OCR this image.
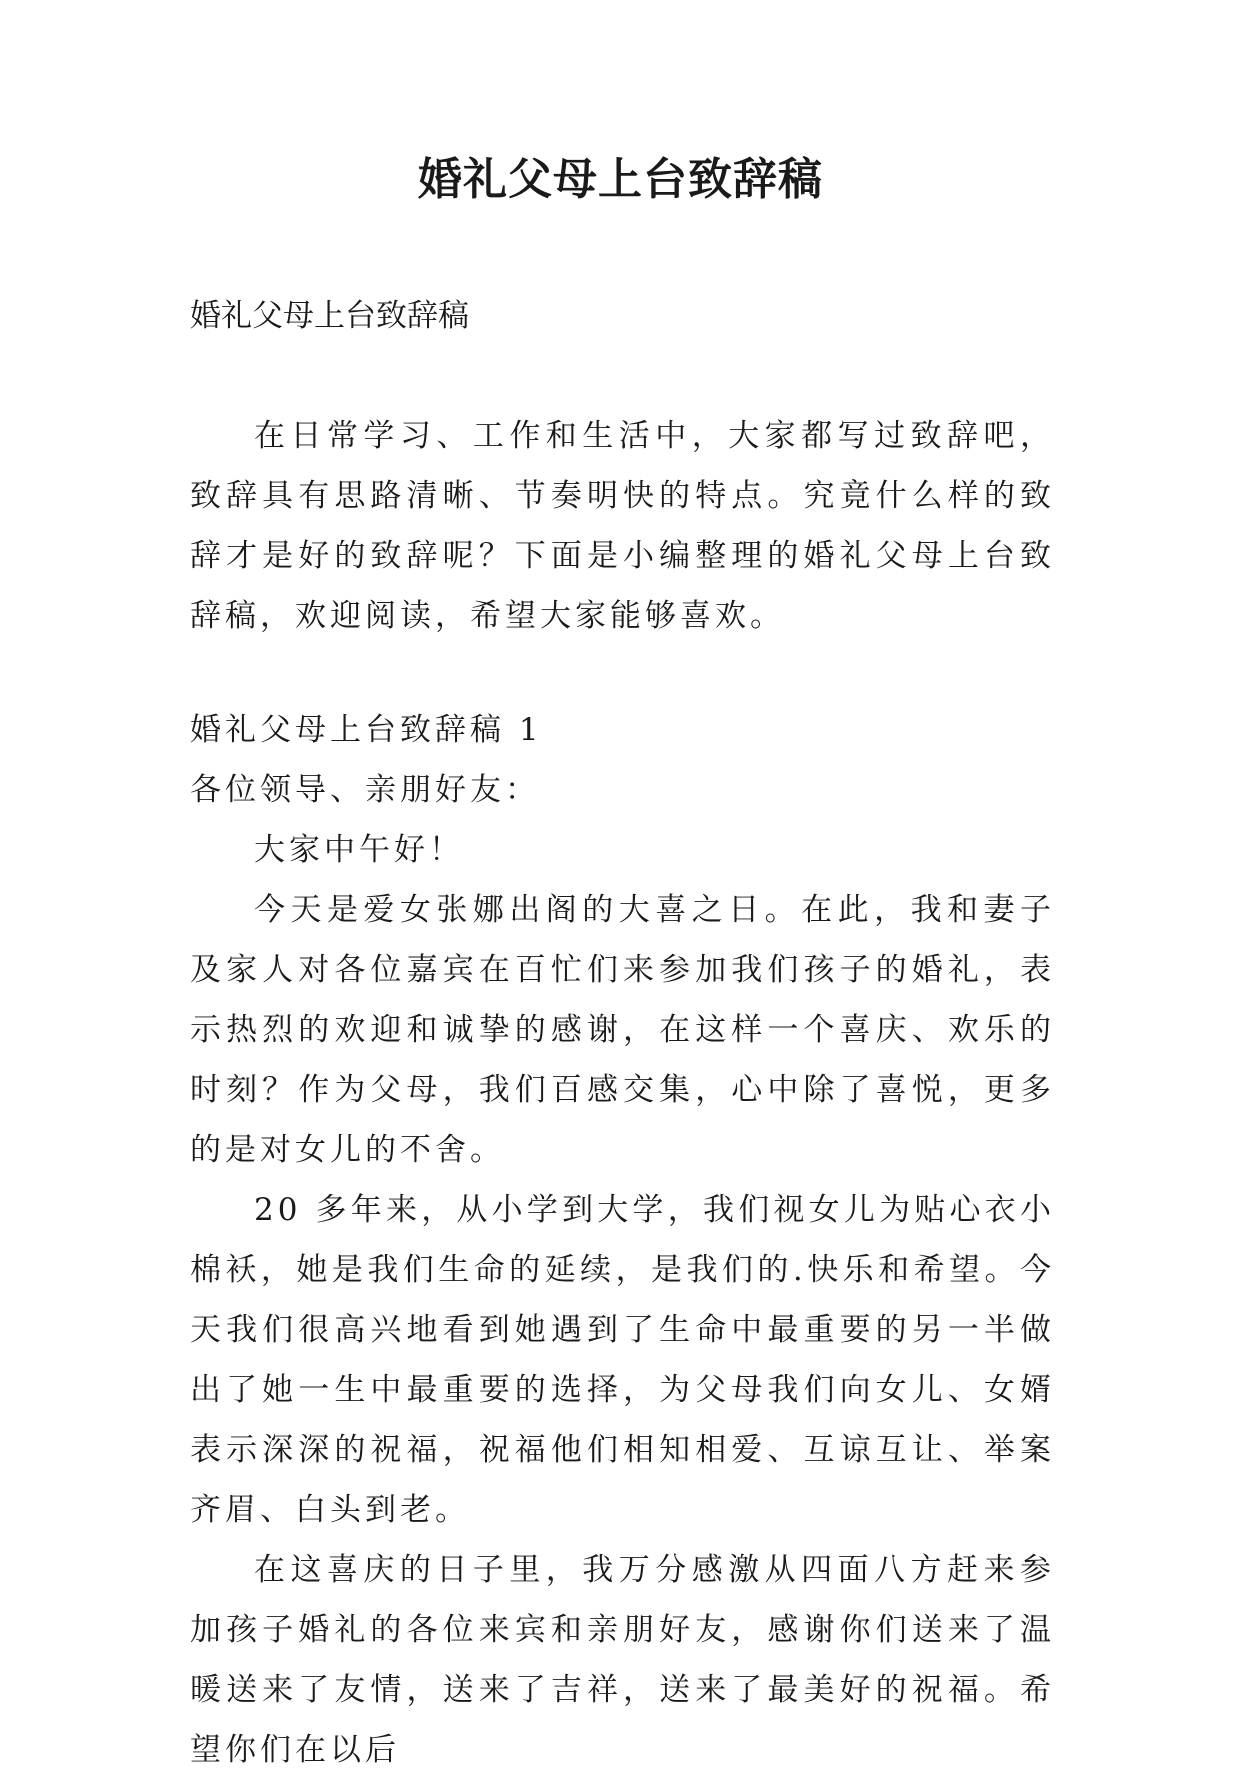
婚礼父母上台致辞稿

婚礼父母上台致辞稿

在日常学习、工作和生活中，大家都写过致辞吧，致辞具有思路清晰、节奏明快的特点。究竟什么样的致辞才是好的致辞呢？下面是小编整理的婚礼父母上台致辞稿，欢迎阅读，希望大家能够喜欢。

婚礼父母上台致辞稿 1

各位领导、亲朋好友：

大家中午好！

今天是爱女张娜出阁的大喜之日。在此，我和妻子及家人对各位嘉宾在百忙们来参加我们孩子的婚礼，表示热烈的欢迎和诚挚的感谢，在这样一个喜庆、欢乐的时刻？作为父母，我们百感交集，心中除了喜悦，更多的是对女儿的不舍。

20 多年来，从小学到大学，我们视女儿为贴心衣小棉袄，她是我们生命的延续，是我们的.快乐和希望。今天我们很高兴地看到她遇到了生命中最重要的另一半做出了她一生中最重要的选择，为父母我们向女儿、女婿表示深深的祝福，祝福他们相知相爱、互谅互让、举案齐眉、白头到老。

在这喜庆的日子里，我万分感激从四面八方赶来参加孩子婚礼的各位来宾和亲朋好友，感谢你们送来了温暖送来了友情，送来了吉祥，送来了最美好的祝福。希望你们在以后
